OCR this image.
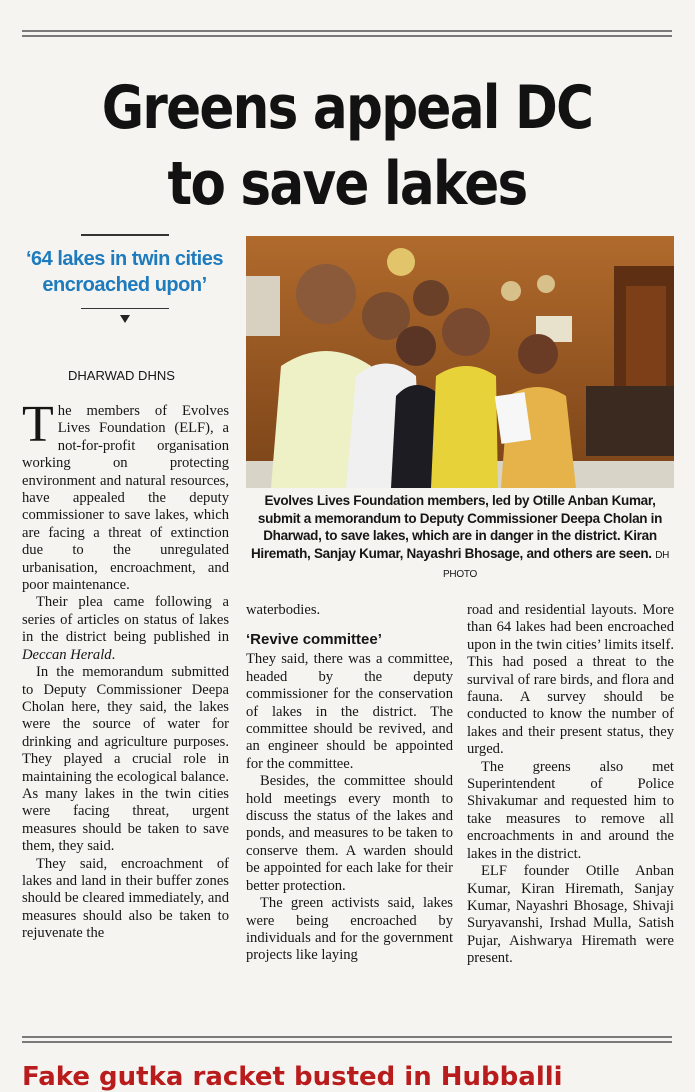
Greens appeal DC to save lakes
‘64 lakes in twin cities encroached upon’
DHARWAD DHNS
Evolves Lives Foundation members, led by Otille Anban Kumar, submit a memorandum to Deputy Commissioner Deepa Cholan in Dharwad, to save lakes, which are in danger in the district. Kiran Hiremath, Sanjay Kumar, Nayashri Bhosage, and others are seen. DH PHOTO

The members of Evolves Lives Foundation (ELF), a not-for-profit organisation working on protecting environment and natural resources, have appealed the deputy commissioner to save lakes, which are facing a threat of extinction due to the unregulated urbanisation, encroachment, and poor maintenance.

Their plea came following a series of articles on status of lakes in the district being published in Deccan Herald.

In the memorandum submitted to Deputy Commissioner Deepa Cholan here, they said, the lakes were the source of water for drinking and agriculture purposes. They played a crucial role in maintaining the ecological balance. As many lakes in the twin cities were facing threat, urgent measures should be taken to save them, they said.

They said, encroachment of lakes and land in their buffer zones should be cleared immediately, and measures should also be taken to rejuvenate the

waterbodies.

‘Revive committee’

They said, there was a committee, headed by the deputy commissioner for the conservation of lakes in the district. The committee should be revived, and an engineer should be appointed for the committee.

Besides, the committee should hold meetings every month to discuss the status of the lakes and ponds, and measures to be taken to conserve them. A warden should be appointed for each lake for their better protection.

The green activists said, lakes were being encroached by individuals and for the government projects like laying

road and residential layouts. More than 64 lakes had been encroached upon in the twin cities’ limits itself. This had posed a threat to the survival of rare birds, and flora and fauna. A survey should be conducted to know the number of lakes and their present status, they urged.

The greens also met Superintendent of Police Shivakumar and requested him to take measures to remove all encroachments in and around the lakes in the district.

ELF founder Otille Anban Kumar, Kiran Hiremath, Sanjay Kumar, Nayashri Bhosage, Shivaji Suryavanshi, Irshad Mulla, Satish Pujar, Aishwarya Hiremath were present.

Fake gutka racket busted in Hubballi
